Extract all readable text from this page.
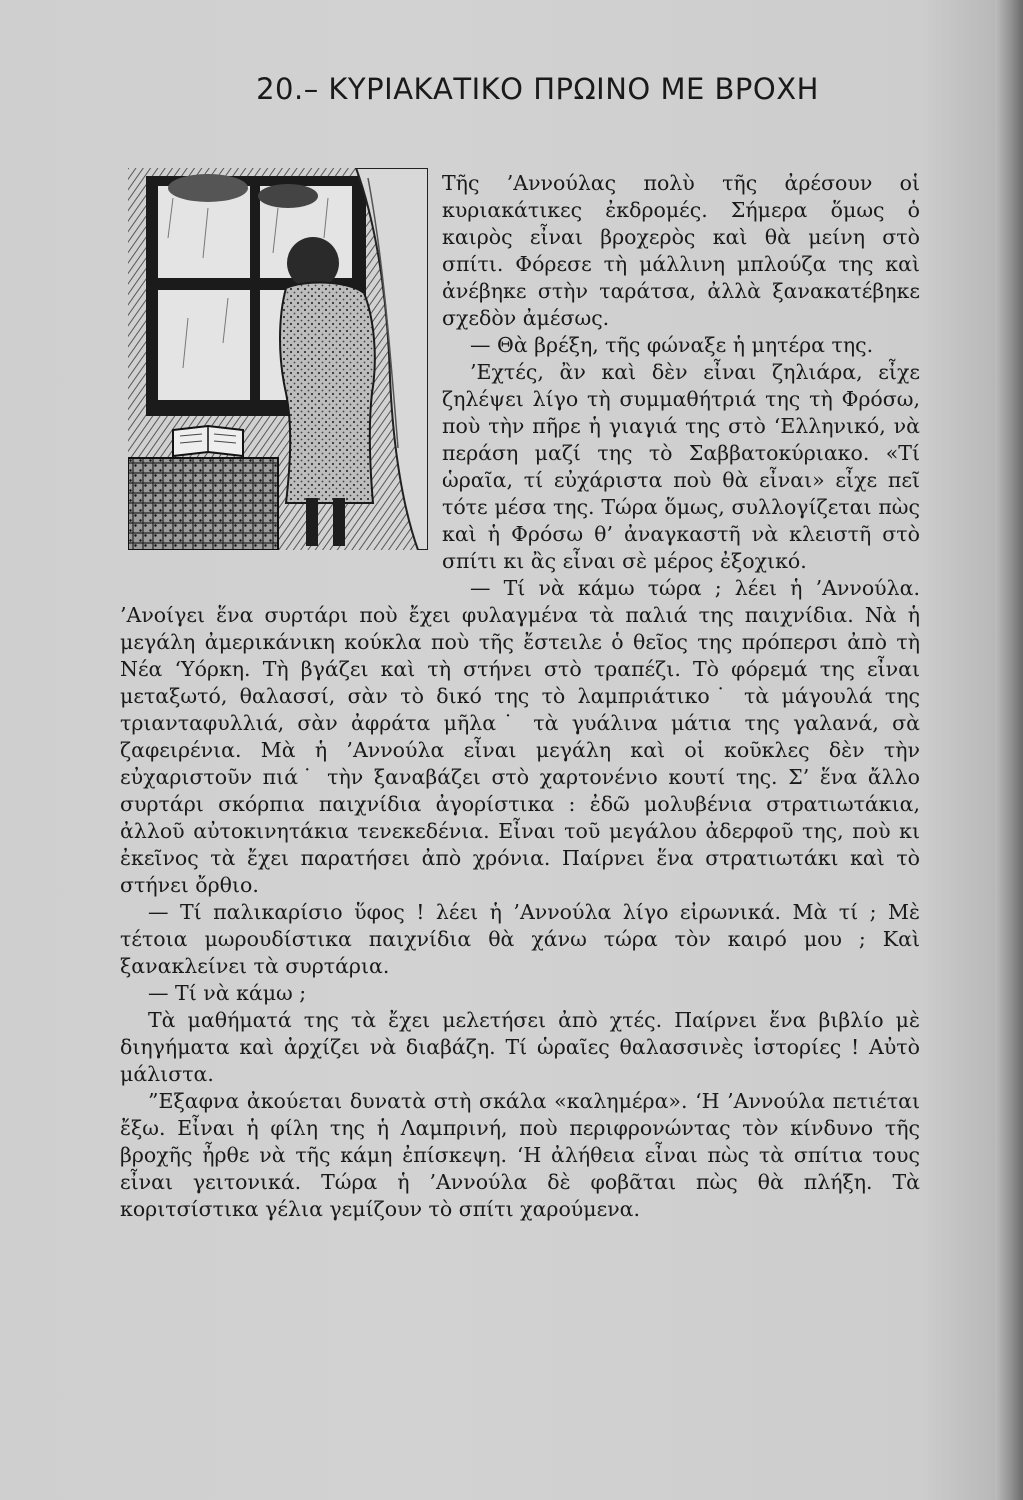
20.– ΚΥΡΙΑΚΑΤΙΚΟ ΠΡΩΙΝΟ ΜΕ ΒΡΟΧΗ

Τῆς ’Αννούλας πολὺ τῆς ἀρέσουν οἱ κυριακάτικες ἐκδρομές. Σήμερα ὅμως ὁ καιρὸς εἶναι βροχερὸς καὶ θὰ μείνη στὸ σπίτι. Φόρεσε τὴ μάλλινη μπλούζα της καὶ ἀνέβηκε στὴν ταράτσα, ἀλλὰ ξανακατέβηκε σχεδὸν ἀμέσως.

— Θὰ βρέξη, τῆς φώναξε ἡ μητέρα της.

’Εχτές, ἂν καὶ δὲν εἶναι ζηλιάρα, εἶχε ζηλέψει λίγο τὴ συμμαθήτριά της τὴ Φρόσω, ποὺ τὴν πῆρε ἡ γιαγιά της στὸ ‘Ελληνικό, νὰ περάση μαζί της τὸ Σαββατοκύριακο. «Τί ὡραῖα, τί εὐχάριστα ποὺ θὰ εἶναι» εἶχε πεῖ τότε μέσα της. Τώρα ὅμως, συλλογίζεται πὼς καὶ ἡ Φρόσω θ’ ἀναγκαστῆ νὰ κλειστῆ στὸ σπίτι κι ἂς εἶναι σὲ μέρος ἐξοχικό.

— Τί νὰ κάμω τώρα ; λέει ἡ ’Αννούλα. ’Ανοίγει ἕνα συρτάρι ποὺ ἔχει φυλαγμένα τὰ παλιά της παιχνίδια. Νὰ ἡ μεγάλη ἀμερικάνικη κούκλα ποὺ τῆς ἔστειλε ὁ θεῖος της πρόπερσι ἀπὸ τὴ Νέα ‘Υόρκη. Τὴ βγάζει καὶ τὴ στήνει στὸ τραπέζι. Τὸ φόρεμά της εἶναι μεταξωτό, θαλασσί, σὰν τὸ δικό της τὸ λαμπριάτικο˙ τὰ μάγουλά της τριανταφυλλιά, σὰν ἀφράτα μῆλα˙ τὰ γυάλινα μάτια της γαλανά, σὰ ζαφειρένια. Μὰ ἡ ’Αννούλα εἶναι μεγάλη καὶ οἱ κοῦκλες δὲν τὴν εὐχαριστοῦν πιά˙ τὴν ξαναβάζει στὸ χαρτονένιο κουτί της. Σ’ ἕνα ἄλλο συρτάρι σκόρπια παιχνίδια ἀγορίστικα : ἐδῶ μολυβένια στρατιωτάκια, ἀλλοῦ αὐτοκινητάκια τενεκεδένια. Εἶναι τοῦ μεγάλου ἀδερφοῦ της, ποὺ κι ἐκεῖνος τὰ ἔχει παρατήσει ἀπὸ χρόνια. Παίρνει ἕνα στρατιωτάκι καὶ τὸ στήνει ὄρθιο.

— Τί παλικαρίσιο ὕφος ! λέει ἡ ’Αννούλα λίγο εἰρωνικά. Μὰ τί ; Μὲ τέτοια μωρουδίστικα παιχνίδια θὰ χάνω τώρα τὸν καιρό μου ; Καὶ ξανακλείνει τὰ συρτάρια.

— Τί νὰ κάμω ;

Τὰ μαθήματά της τὰ ἔχει μελετήσει ἀπὸ χτές. Παίρνει ἕνα βιβλίο μὲ διηγήματα καὶ ἀρχίζει νὰ διαβάζη. Τί ὡραῖες θαλασσινὲς ἱστορίες ! Αὐτὸ μάλιστα.

”Εξαφνα ἀκούεται δυνατὰ στὴ σκάλα «καλημέρα». ‘Η ’Αννούλα πετιέται ἔξω. Εἶναι ἡ φίλη της ἡ Λαμπρινή, ποὺ περιφρονώντας τὸν κίνδυνο τῆς βροχῆς ἦρθε νὰ τῆς κάμη ἐπίσκεψη. ‘Η ἀλήθεια εἶναι πὼς τὰ σπίτια τους εἶναι γειτονικά. Τώρα ἡ ’Αννούλα δὲ φοβᾶται πὼς θὰ πλήξη. Τὰ κοριτσίστικα γέλια γεμίζουν τὸ σπίτι χαρούμενα.
